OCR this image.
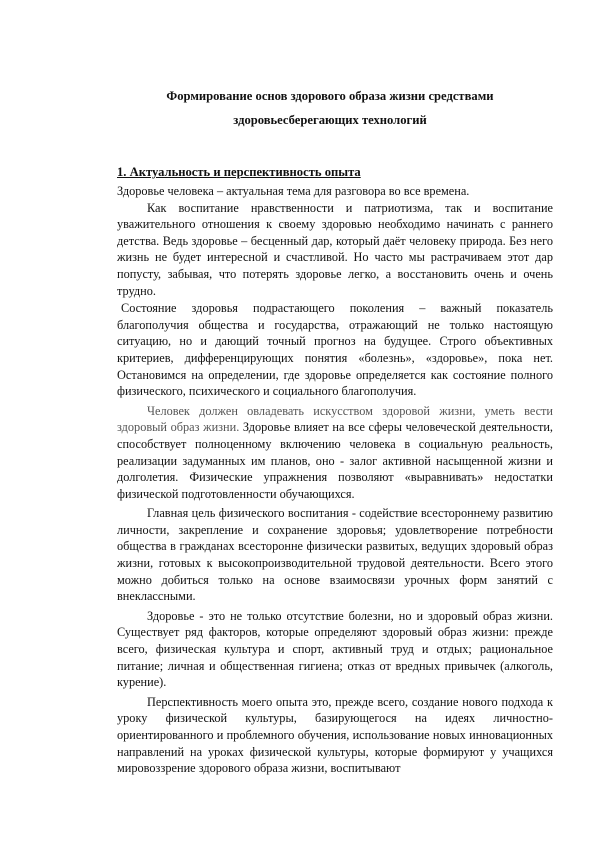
Формирование основ здорового образа жизни средствами
здоровьесберегающих технологий
1. Актуальность и перспективность опыта

Здоровье человека – актуальная тема для разговора во все времена.

Как воспитание нравственности и патриотизма, так и воспитание уважительного отношения к своему здоровью необходимо начинать с раннего детства. Ведь здоровье – бесценный дар, который даёт человеку природа. Без него жизнь не будет интересной и счастливой. Но часто мы растрачиваем этот дар попусту, забывая, что потерять здоровье легко, а восстановить очень и очень трудно.

Состояние здоровья подрастающего поколения – важный показатель благополучия общества и государства, отражающий не только настоящую ситуацию, но и дающий точный прогноз на будущее. Строго объективных критериев, дифференцирующих понятия «болезнь», «здоровье», пока нет. Остановимся на определении, где здоровье определяется как состояние полного физического, психического и социального благополучия.

Человек должен овладевать искусством здоровой жизни, уметь вести здоровый образ жизни. Здоровье влияет на все сферы человеческой деятельности, способствует полноценному включению человека в социальную реальность, реализации задуманных им планов, оно - залог активной насыщенной жизни и долголетия. Физические упражнения позволяют «выравнивать» недостатки физической подготовленности обучающихся.

Главная цель физического воспитания - содействие всестороннему развитию личности, закрепление и сохранение здоровья; удовлетворение потребности общества в гражданах всесторонне физически развитых, ведущих здоровый образ жизни, готовых к высокопроизводительной трудовой деятельности. Всего этого можно добиться только на основе взаимосвязи урочных форм занятий с внеклассными.

Здоровье - это не только отсутствие болезни, но и здоровый образ жизни. Существует ряд факторов, которые определяют здоровый образ жизни: прежде всего, физическая культура и спорт, активный труд и отдых; рациональное питание; личная и общественная гигиена; отказ от вредных привычек (алкоголь, курение).

Перспективность моего опыта это, прежде всего, создание нового подхода к уроку физической культуры, базирующегося на идеях личностно-ориентированного и проблемного обучения, использование новых инновационных направлений на уроках физической культуры, которые формируют у учащихся мировоззрение здорового образа жизни, воспитывают
